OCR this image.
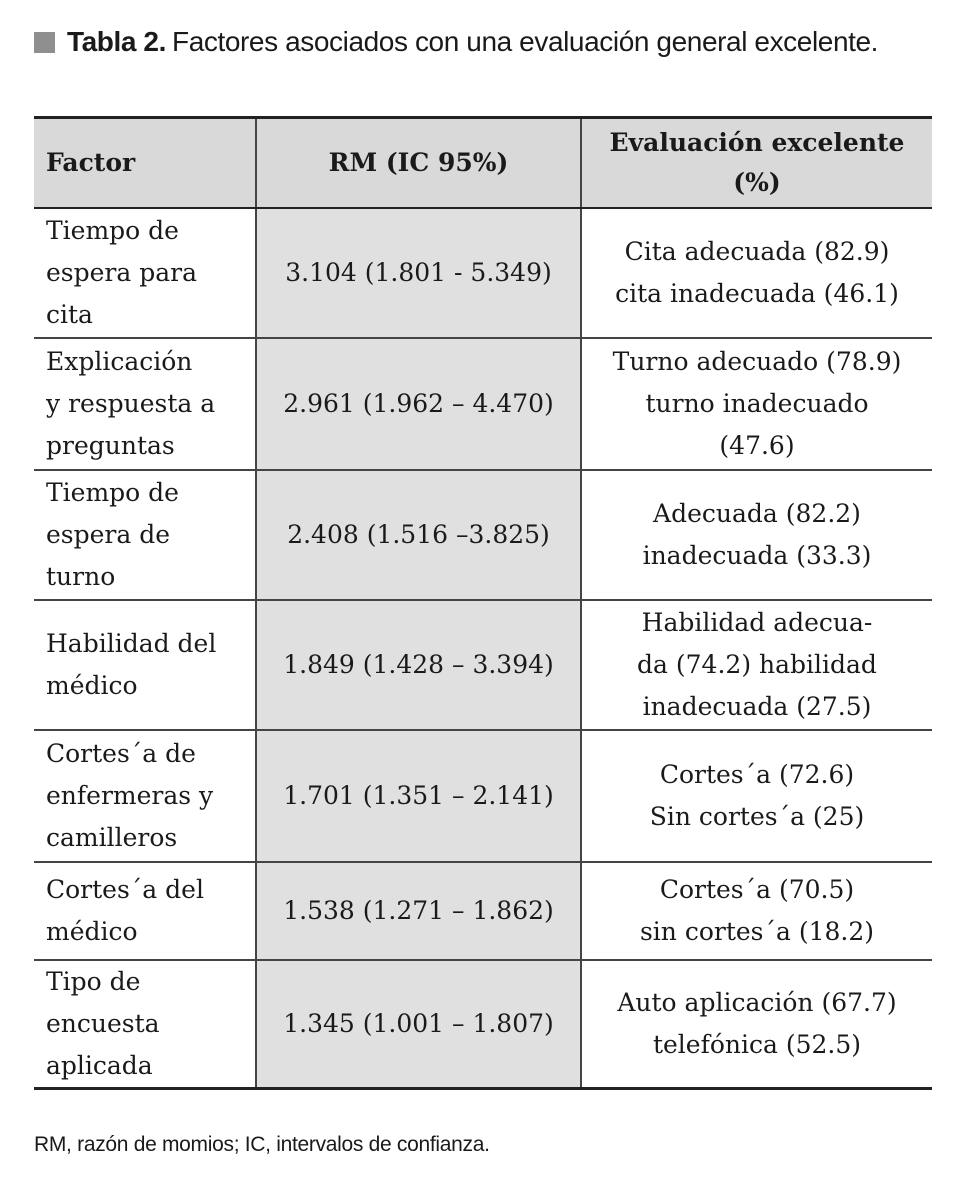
Tabla 2. Factores asociados con una evaluación general excelente.
Factor	RM (IC 95%)	Evaluación excelente
(%)

Tiempo de
espera para
cita	3.104 (1.801 - 5.349)	Cita adecuada (82.9)
cita inadecuada (46.1)

Explicación
y respuesta a
preguntas	2.961 (1.962 – 4.470)	Turno adecuado (78.9)
turno inadecuado
(47.6)

Tiempo de
espera de
turno	2.408 (1.516 –3.825)	Adecuada (82.2)
inadecuada (33.3)

Habilidad del
médico	1.849 (1.428 – 3.394)	Habilidad adecua-
da (74.2) habilidad
inadecuada (27.5)

Cortes´a de
enfermeras y
camilleros	1.701 (1.351 – 2.141)	Cortes´a (72.6)
Sin cortes´a (25)

Cortes´a del
médico	1.538 (1.271 – 1.862)	Cortes´a (70.5)
sin cortes´a (18.2)

Tipo de
encuesta
aplicada	1.345 (1.001 – 1.807)	Auto aplicación (67.7)
telefónica (52.5)
RM, razón de momios; IC, intervalos de confianza.
